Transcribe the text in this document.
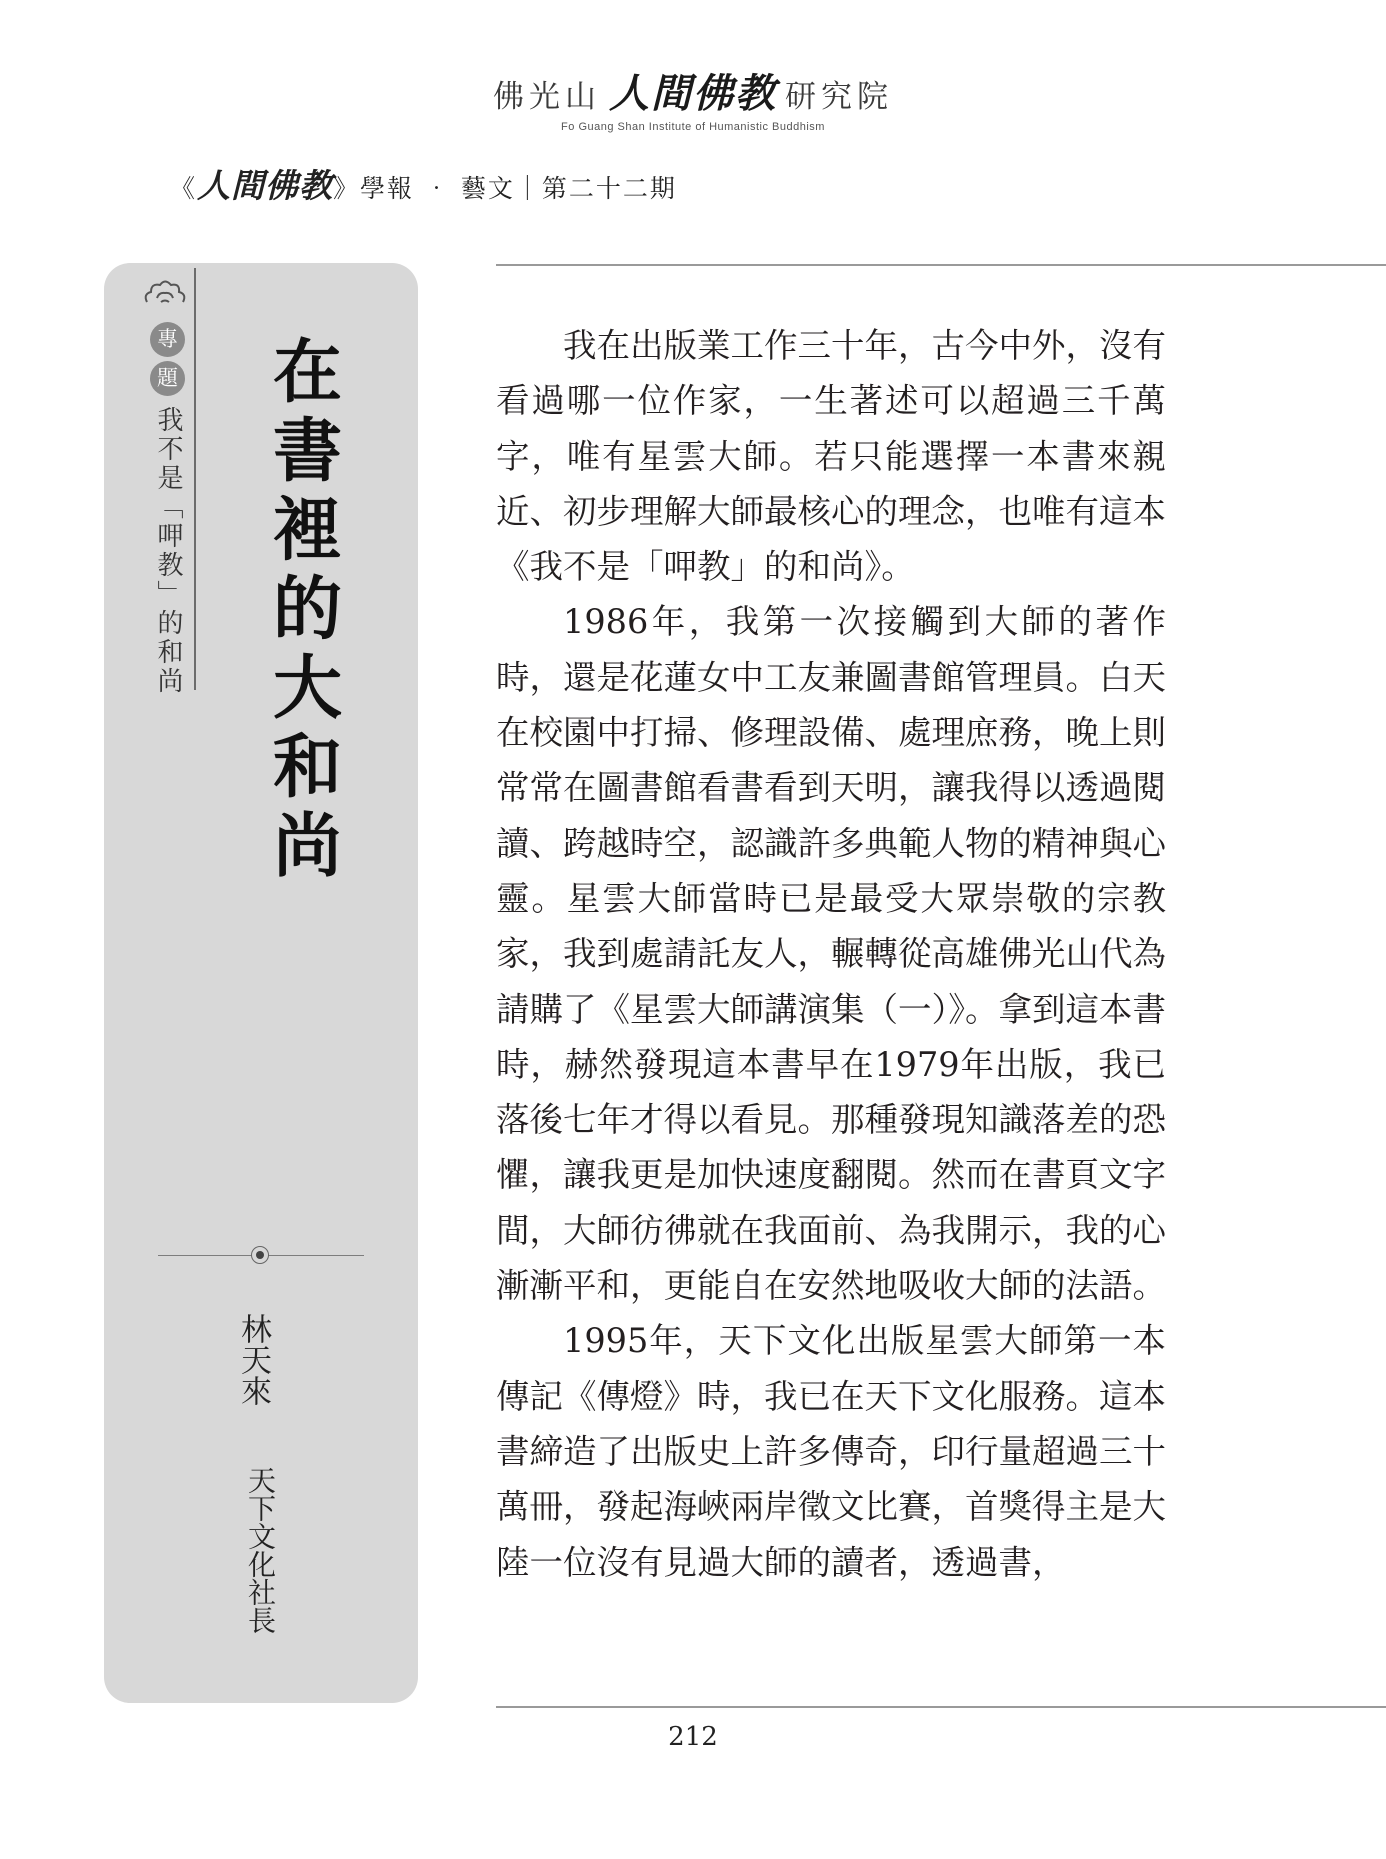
佛光山 人間佛教 研究院
Fo Guang Shan Institute of Humanistic Buddhism
《人間佛教》學報 ‧ 藝文｜第二十二期
專
題
我不是「呷教」的和尚 在書裡的大和尚
林天來
天下文化社長

我在出版業工作三十年，古今中外，沒有看過哪一位作家，一生著述可以超過三千萬字，唯有星雲大師。若只能選擇一本書來親近、初步理解大師最核心的理念，也唯有這本《我不是「呷教」的和尚》。

1986年，我第一次接觸到大師的著作時，還是花蓮女中工友兼圖書館管理員。白天在校園中打掃、修理設備、處理庶務，晚上則常常在圖書館看書看到天明，讓我得以透過閱讀、跨越時空，認識許多典範人物的精神與心靈。星雲大師當時已是最受大眾崇敬的宗教家，我到處請託友人，輾轉從高雄佛光山代為請購了《星雲大師講演集（一）》。拿到這本書時，赫然發現這本書早在1979年出版，我已落後七年才得以看見。那種發現知識落差的恐懼，讓我更是加快速度翻閱。然而在書頁文字間，大師彷彿就在我面前、為我開示，我的心漸漸平和，更能自在安然地吸收大師的法語。

1995年，天下文化出版星雲大師第一本傳記《傳燈》時，我已在天下文化服務。這本書締造了出版史上許多傳奇，印行量超過三十萬冊，發起海峽兩岸徵文比賽，首獎得主是大陸一位沒有見過大師的讀者，透過書，

212
